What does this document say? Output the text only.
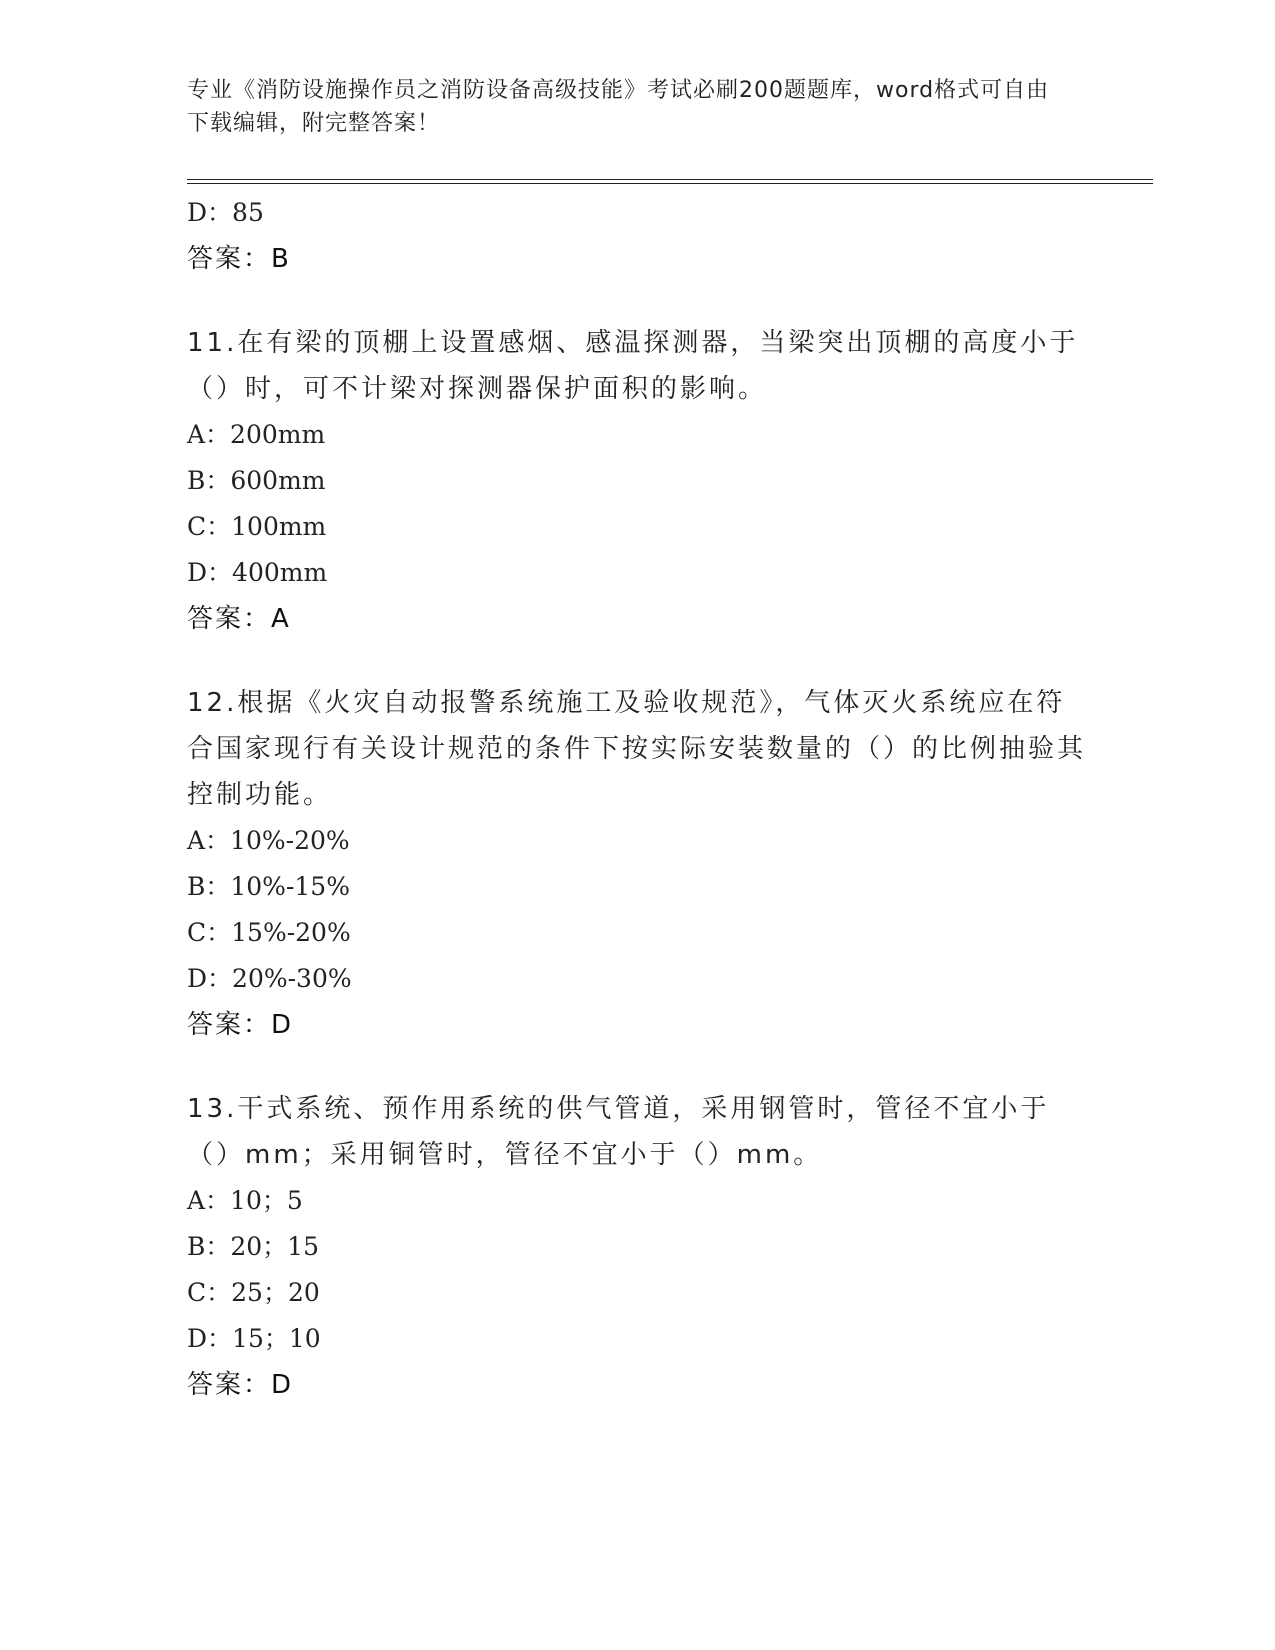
专业《消防设施操作员之消防设备高级技能》考试必刷200题题库，word格式可自由下载编辑，附完整答案！
D：85
答案：B
11.在有梁的顶棚上设置感烟、感温探测器，当梁突出顶棚的高度小于（）时，可不计梁对探测器保护面积的影响。
A：200mm
B：600mm
C：100mm
D：400mm
答案：A
12.根据《火灾自动报警系统施工及验收规范》，气体灭火系统应在符合国家现行有关设计规范的条件下按实际安装数量的（）的比例抽验其控制功能。
A：10%-20%
B：10%-15%
C：15%-20%
D：20%-30%
答案：D
13.干式系统、预作用系统的供气管道，采用钢管时，管径不宜小于（）mm；采用铜管时，管径不宜小于（）mm。
A：10；5
B：20；15
C：25；20
D：15；10
答案：D
